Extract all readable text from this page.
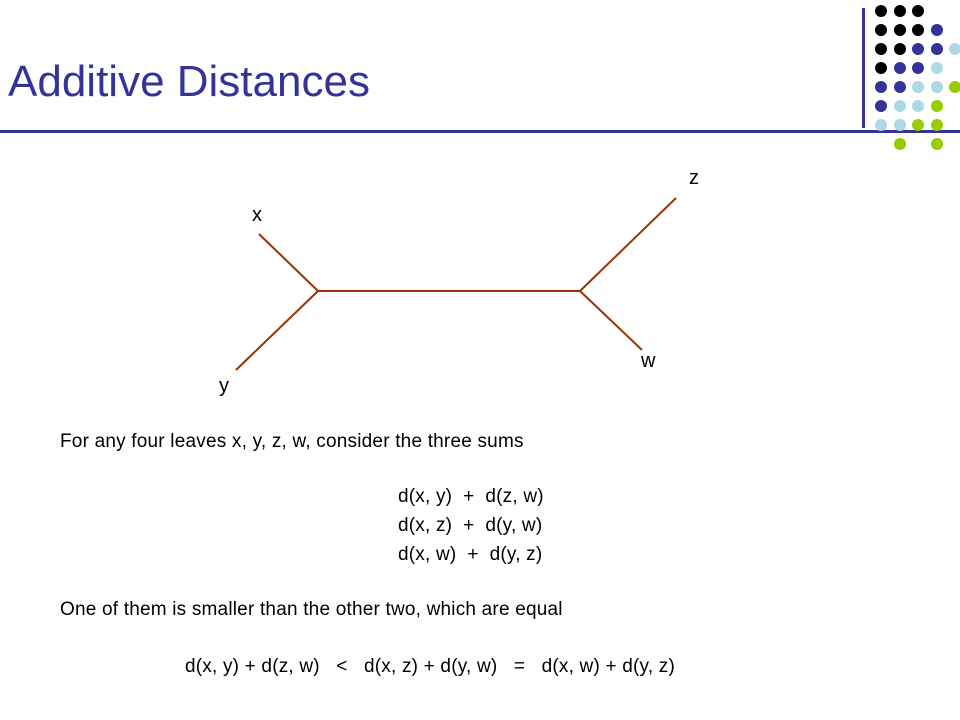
Additive Distances
x
y
z
w
For any four leaves x, y, z, w, consider the three sums
d(x, y)  +  d(z, w)
d(x, z)  +  d(y, w)
d(x, w)  +  d(y, z)
One of them is smaller than the other two, which are equal
d(x, y) + d(z, w)   <   d(x, z) + d(y, w)   =   d(x, w) + d(y, z)
